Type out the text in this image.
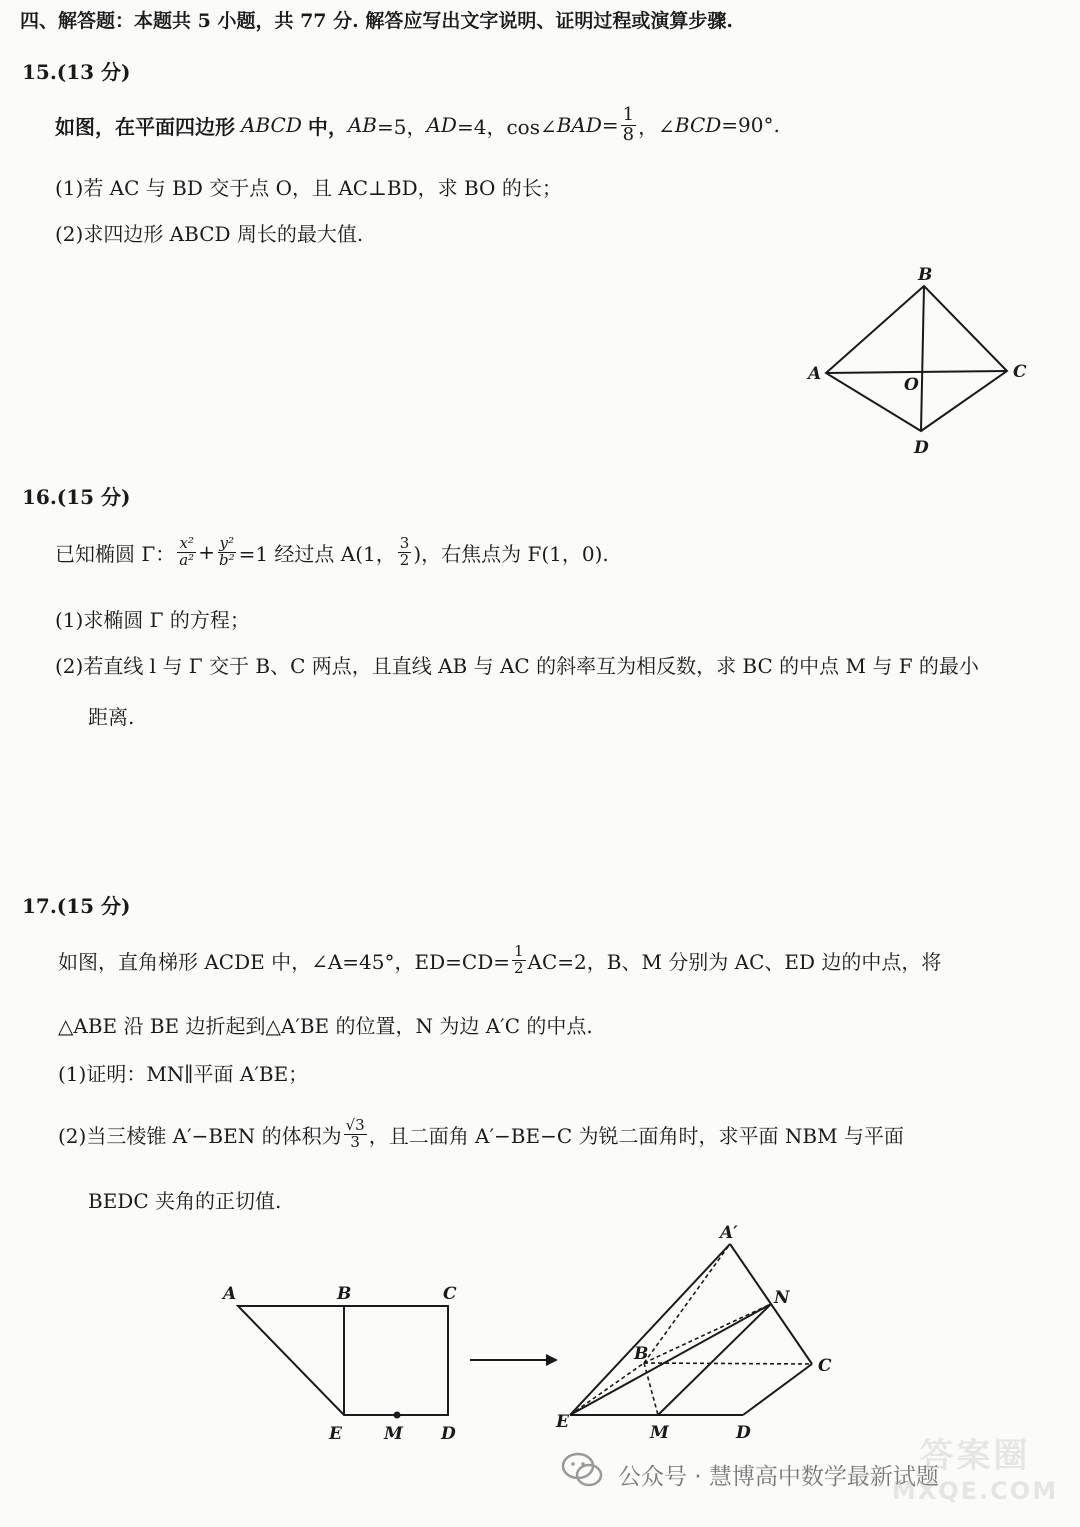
四、解答题：本题共 5 小题，共 77 分. 解答应写出文字说明、证明过程或演算步骤.
15.(13 分)
如图，在平面四边形 ABCD 中， AB =5， AD =4，cos∠ BAD = $\frac{1}{8}$ ，∠ BCD =90°.
(1)若 AC 与 BD 交于点 O，且 AC⊥BD，求 BO 的长；
(2)求四边形 ABCD 周长的最大值.
B
A	C
O
D
16.(15 分)
已知椭圆 Γ： $\frac{\text{x²}}{\text{a²}} + \frac{\text{y²}}{\text{b²}} =1$ 经过点 A(1， $\frac{3}{2}$ )，右焦点为 F(1，0).
(1)求椭圆 Γ 的方程；
(2)若直线 l 与 Γ 交于 B、C 两点，且直线 AB 与 AC 的斜率互为相反数，求 BC 的中点 M 与 F 的最小
距离.
17.(15 分)
如图，直角梯形 ACDE 中，∠A=45°，$ED=CD= \frac{1}{2} AC=2$，B、M 分别为 AC、ED 边的中点，将
△ABE 沿 BE 边折起到△A′BE 的位置，N 为边 A′C 的中点.
(1)证明：MN∥平面 A′BE；
(2)当三棱锥 A′−BEN 的体积为 $\frac{√3}{3}$ ，且二面角 A′−BE−C 为锐二面角时，求平面 NBM 与平面
BEDC 夹角的正切值.
A	B	C
E M D
A′
N
B
C
E
M	D
公众号 · 慧博高中数学最新试题
答案圈
MXQE.COM
